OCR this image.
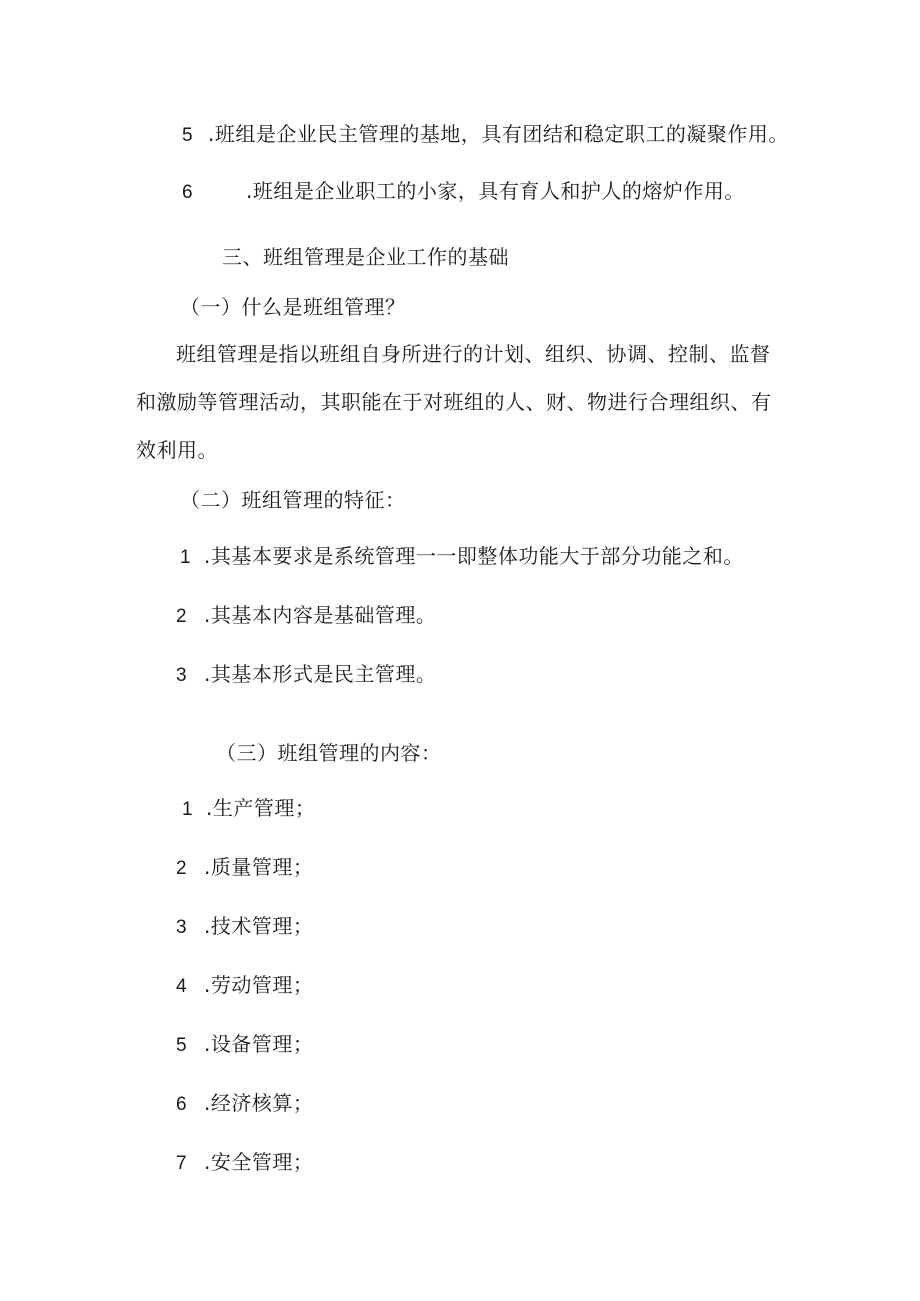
5 .班组是企业民主管理的基地，具有团结和稳定职工的凝聚作用。
6	.班组是企业职工的小家，具有育人和护人的熔炉作用。
三、班组管理是企业工作的基础
（一）什么是班组管理？
班组管理是指以班组自身所进行的计划、组织、协调、控制、监督和激励等管理活动，其职能在于对班组的人、财、物进行合理组织、有效利用。
（二）班组管理的特征：
1 .其基本要求是系统管理一一即整体功能大于部分功能之和。
2 .其基本内容是基础管理。
3 .其基本形式是民主管理。
（三）班组管理的内容：
1 .生产管理；
2 .质量管理；
3 .技术管理；
4 .劳动管理；
5 .设备管理；
6 .经济核算；
7 .安全管理；
